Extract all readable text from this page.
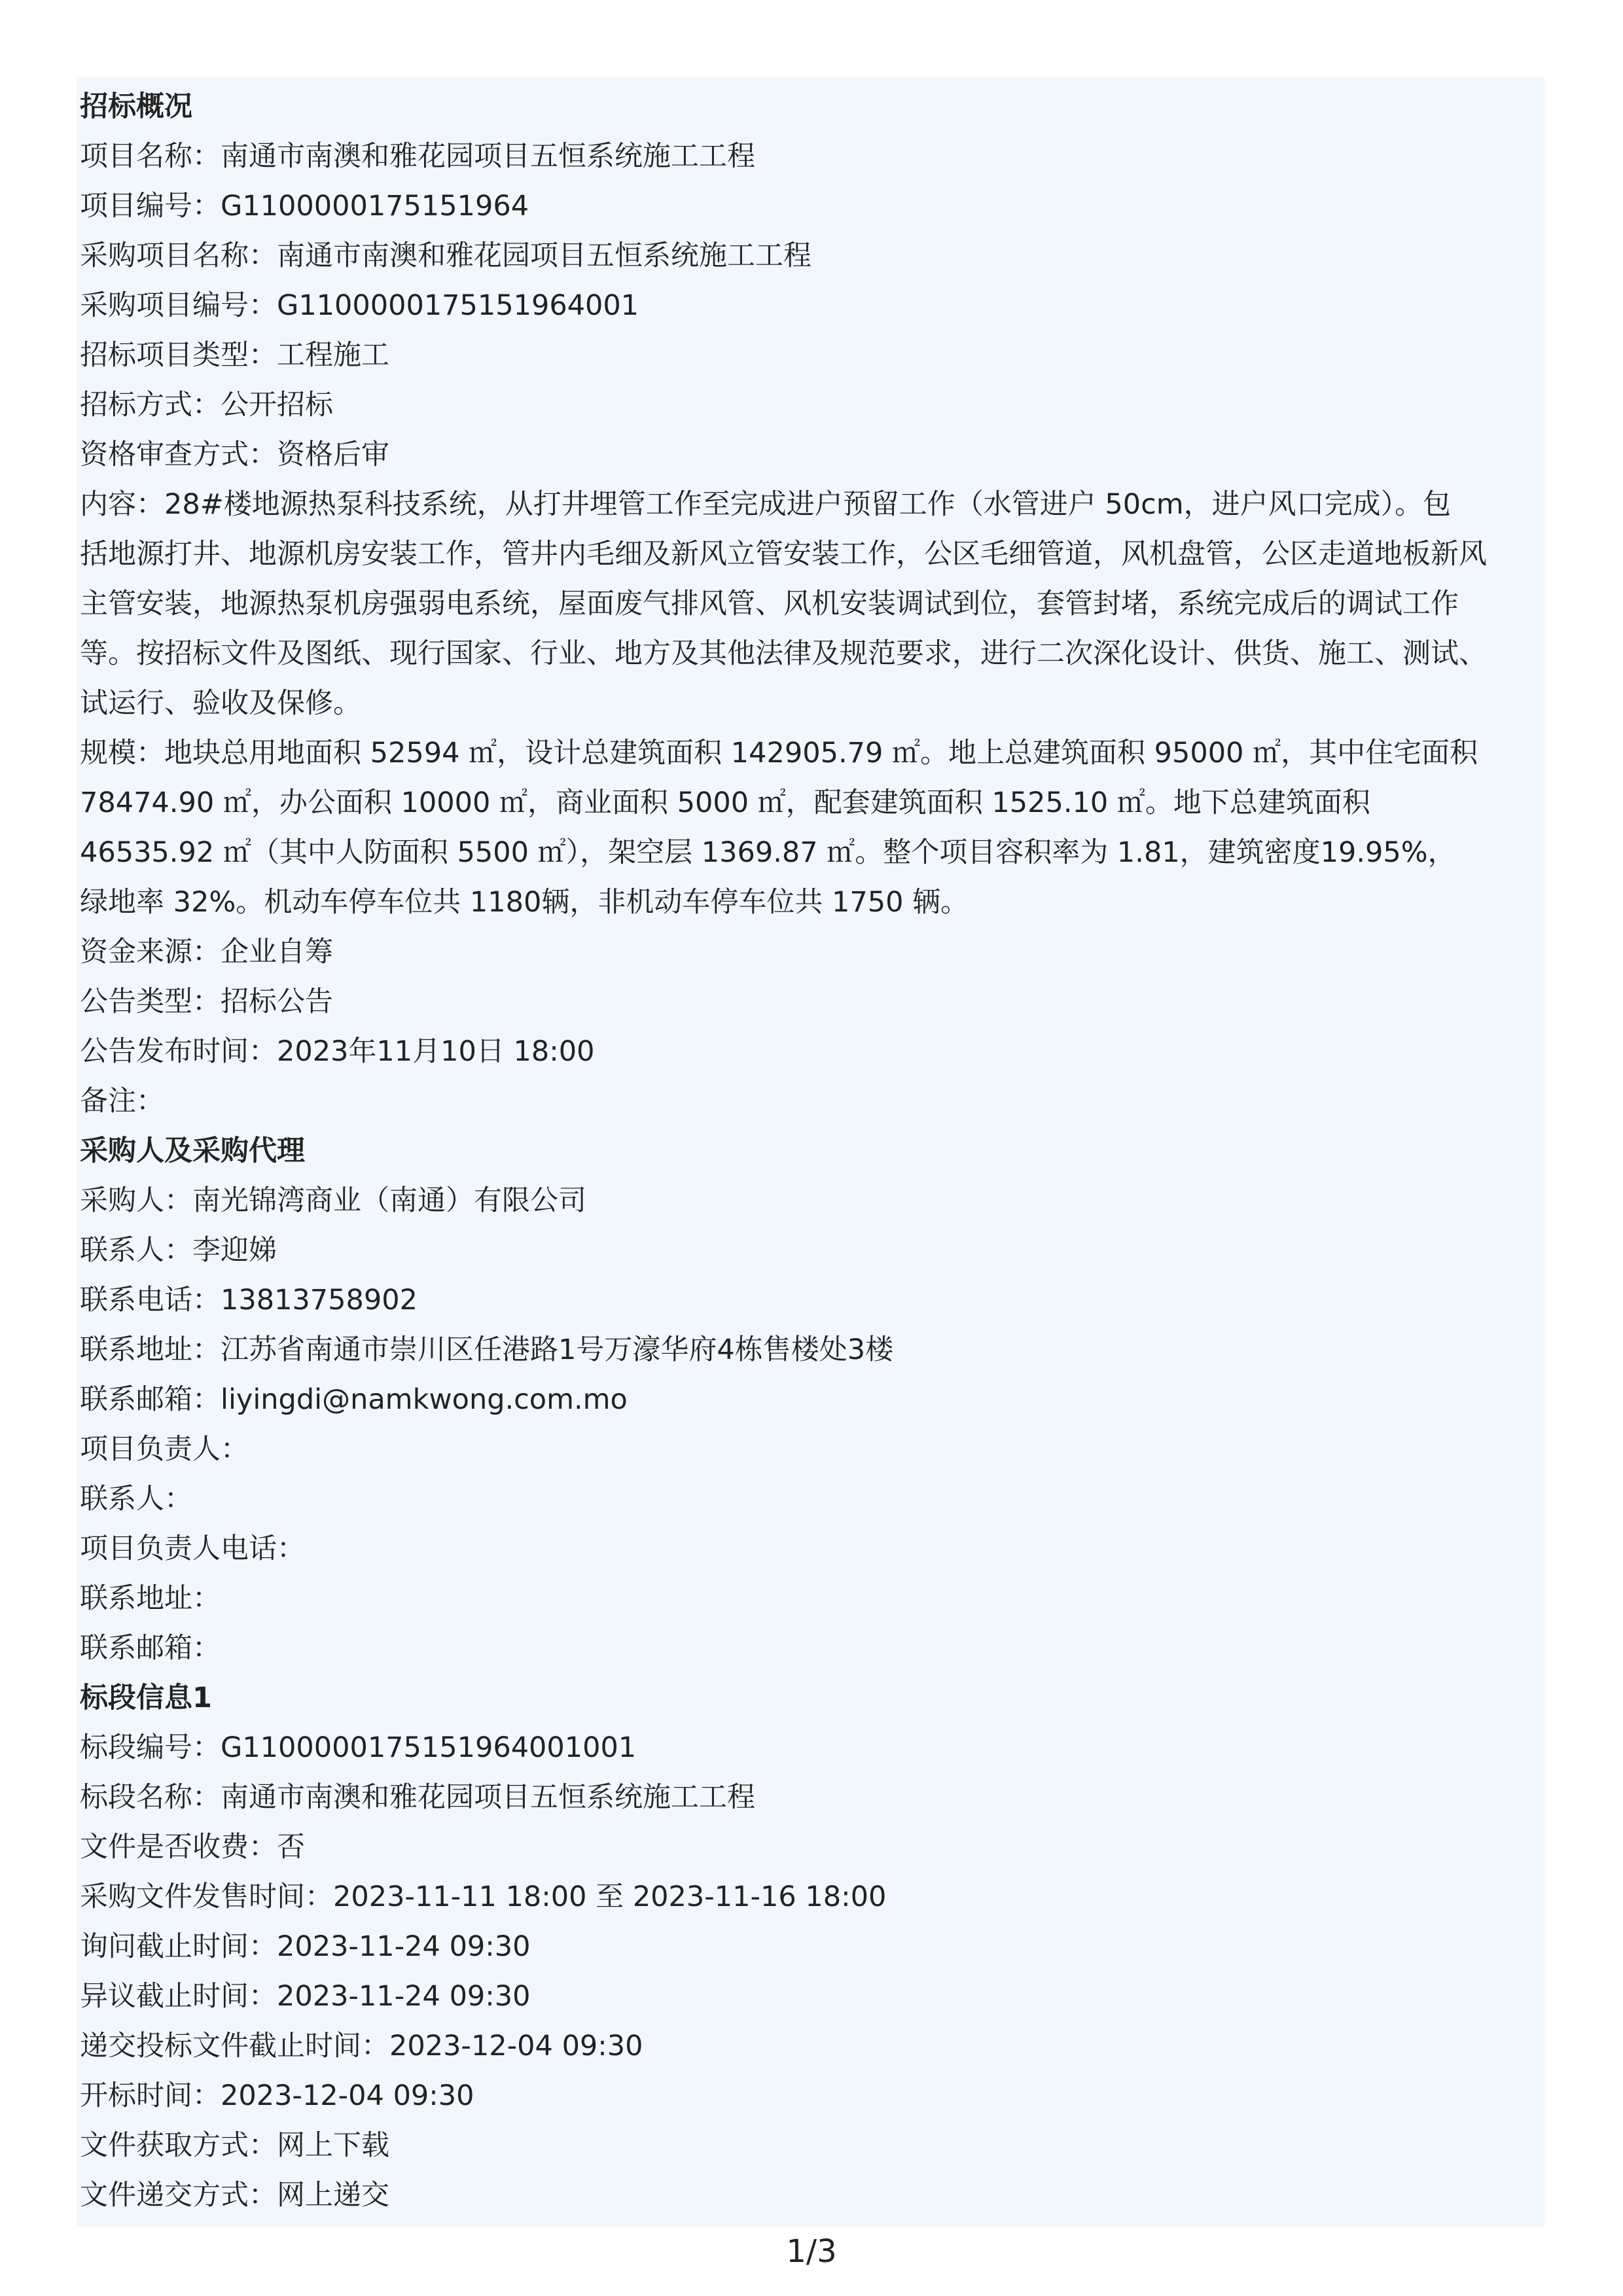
招标概况
项目名称：南通市南澳和雅花园项目五恒系统施工工程
项目编号：G1100000175151964
采购项目名称：南通市南澳和雅花园项目五恒系统施工工程
采购项目编号：G1100000175151964001
招标项目类型：工程施工
招标方式：公开招标
资格审查方式：资格后审
内容：28#楼地源热泵科技系统，从打井埋管工作至完成进户预留工作（水管进户 50cm，进户风口完成）。包
括地源打井、地源机房安装工作，管井内毛细及新风立管安装工作，公区毛细管道，风机盘管，公区走道地板新风
主管安装，地源热泵机房强弱电系统，屋面废气排风管、风机安装调试到位，套管封堵，系统完成后的调试工作
等。按招标文件及图纸、现行国家、行业、地方及其他法律及规范要求，进行二次深化设计、供货、施工、测试、
试运行、验收及保修。
规模：地块总用地面积 52594 ㎡，设计总建筑面积 142905.79 ㎡。地上总建筑面积 95000 ㎡，其中住宅面积
78474.90 ㎡，办公面积 10000 ㎡，商业面积 5000 ㎡，配套建筑面积 1525.10 ㎡。地下总建筑面积
46535.92 ㎡（其中人防面积 5500 ㎡），架空层 1369.87 ㎡。整个项目容积率为 1.81，建筑密度19.95%，
绿地率 32%。机动车停车位共 1180辆，非机动车停车位共 1750 辆。
资金来源：企业自筹
公告类型：招标公告
公告发布时间：2023年11月10日 18:00
备注：
采购人及采购代理
采购人：南光锦湾商业（南通）有限公司
联系人：李迎娣
联系电话：13813758902
联系地址：江苏省南通市崇川区任港路1号万濠华府4栋售楼处3楼
联系邮箱：liyingdi@namkwong.com.mo
项目负责人：
联系人：
项目负责人电话：
联系地址：
联系邮箱：
标段信息1
标段编号：G1100000175151964001001
标段名称：南通市南澳和雅花园项目五恒系统施工工程
文件是否收费：否
采购文件发售时间：2023-11-11 18:00 至 2023-11-16 18:00
询问截止时间：2023-11-24 09:30
异议截止时间：2023-11-24 09:30
递交投标文件截止时间：2023-12-04 09:30
开标时间：2023-12-04 09:30
文件获取方式：网上下载
文件递交方式：网上递交
1/3
